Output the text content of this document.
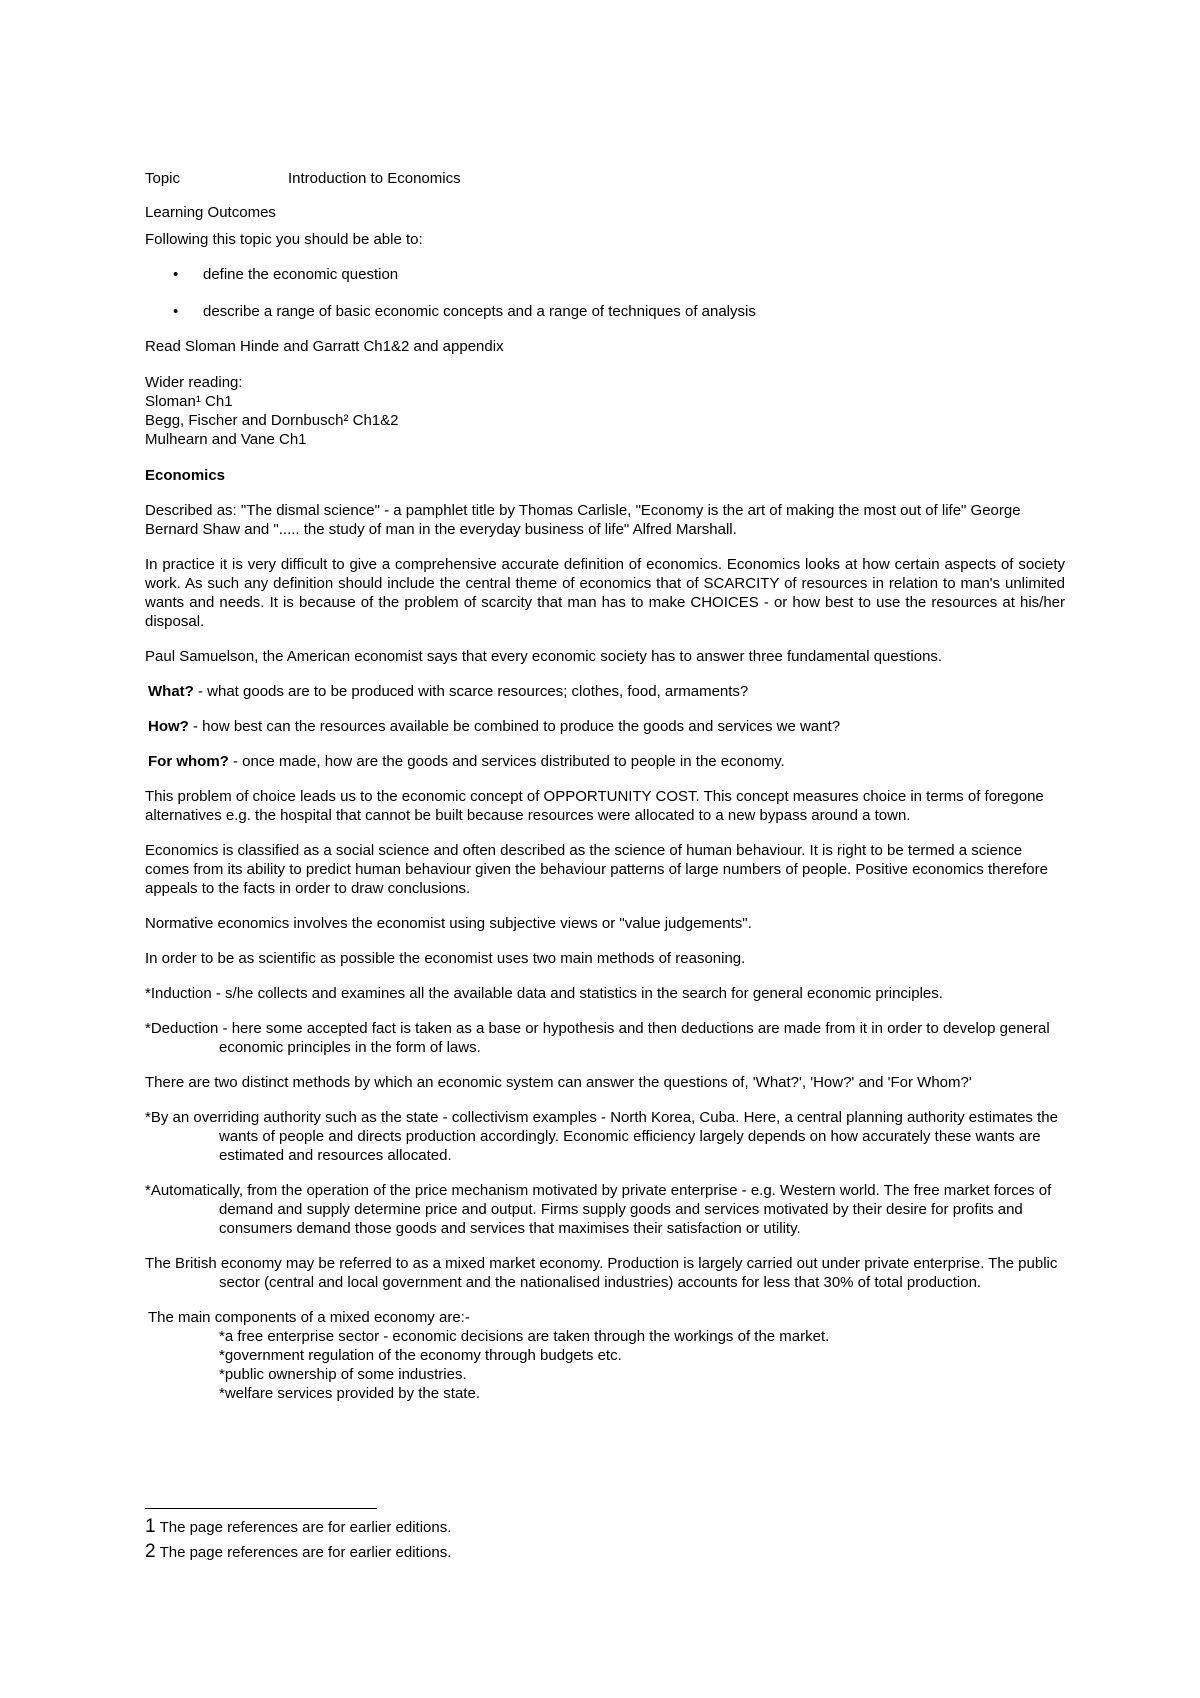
Topic	Introduction to Economics

Learning Outcomes

Following this topic you should be able to:

• define the economic question
• describe a range of basic economic concepts and a range of techniques of analysis

Read Sloman Hinde and Garratt Ch1&2 and appendix

Wider reading:

Sloman¹ Ch1

Begg, Fischer and Dornbusch² Ch1&2

Mulhearn and Vane Ch1

Economics

Described as: "The dismal science" - a pamphlet title by Thomas Carlisle, "Economy is the art of making the most out of life" George Bernard Shaw and "..... the study of man in the everyday business of life" Alfred Marshall.

In practice it is very difficult to give a comprehensive accurate definition of economics. Economics looks at how certain aspects of society work. As such any definition should include the central theme of economics that of SCARCITY of resources in relation to man's unlimited wants and needs. It is because of the problem of scarcity that man has to make CHOICES - or how best to use the resources at his/her disposal.

Paul Samuelson, the American economist says that every economic society has to answer three fundamental questions.

What? - what goods are to be produced with scarce resources; clothes, food, armaments?

How? - how best can the resources available be combined to produce the goods and services we want?

For whom? - once made, how are the goods and services distributed to people in the economy.

This problem of choice leads us to the economic concept of OPPORTUNITY COST. This concept measures choice in terms of foregone alternatives e.g. the hospital that cannot be built because resources were allocated to a new bypass around a town.

Economics is classified as a social science and often described as the science of human behaviour. It is right to be termed a science comes from its ability to predict human behaviour given the behaviour patterns of large numbers of people. Positive economics therefore appeals to the facts in order to draw conclusions.

Normative economics involves the economist using subjective views or "value judgements".

In order to be as scientific as possible the economist uses two main methods of reasoning.

*Induction - s/he collects and examines all the available data and statistics in the search for general economic principles.

*Deduction - here some accepted fact is taken as a base or hypothesis and then deductions are made from it in order to develop general economic principles in the form of laws.

There are two distinct methods by which an economic system can answer the questions of, 'What?', 'How?' and 'For Whom?'

*By an overriding authority such as the state - collectivism examples - North Korea, Cuba. Here, a central planning authority estimates the wants of people and directs production accordingly. Economic efficiency largely depends on how accurately these wants are estimated and resources allocated.

*Automatically, from the operation of the price mechanism motivated by private enterprise - e.g. Western world. The free market forces of demand and supply determine price and output. Firms supply goods and services motivated by their desire for profits and consumers demand those goods and services that maximises their satisfaction or utility.

The British economy may be referred to as a mixed market economy. Production is largely carried out under private enterprise. The public sector (central and local government and the nationalised industries) accounts for less that 30% of total production.

The main components of a mixed economy are:-

*a free enterprise sector - economic decisions are taken through the workings of the market.

*government regulation of the economy through budgets etc.

*public ownership of some industries.

*welfare services provided by the state.

1 The page references are for earlier editions.
2 The page references are for earlier editions.
